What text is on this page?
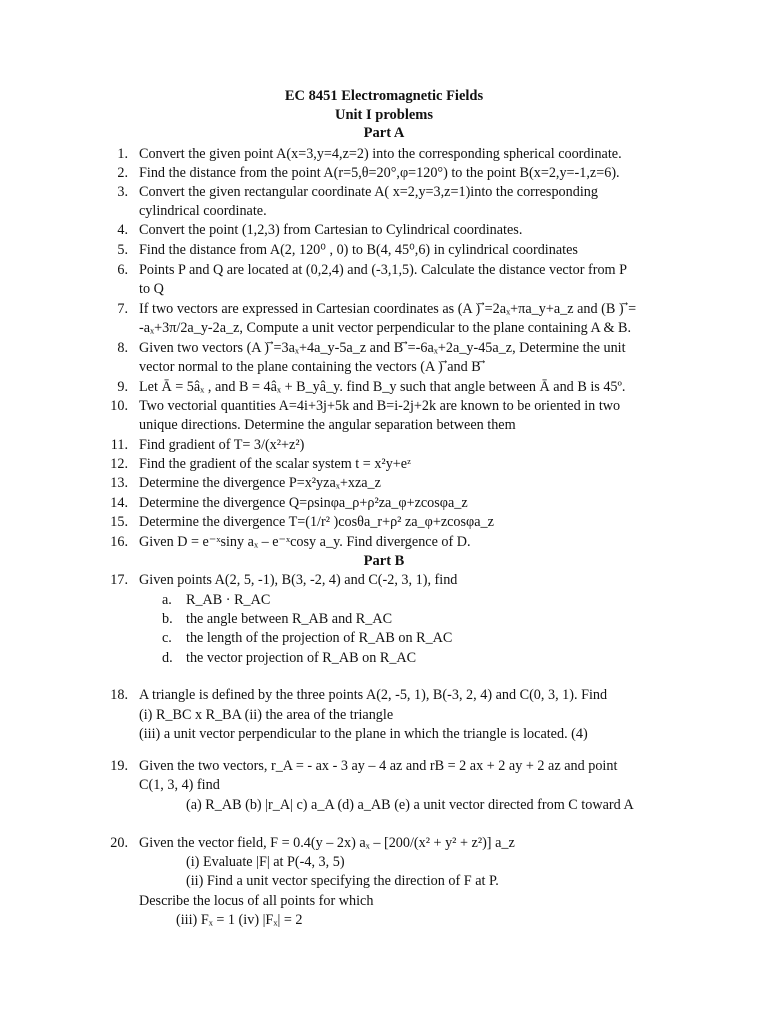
EC 8451 Electromagnetic Fields
Unit I problems
Part A
1. Convert the given point A(x=3,y=4,z=2) into the corresponding spherical coordinate.
2. Find the distance from the point A(r=5,θ=20°,φ=120°) to the point B(x=2,y=-1,z=6).
3. Convert the given rectangular coordinate A( x=2,y=3,z=1)into the corresponding
cylindrical coordinate.
4. Convert the point (1,2,3) from Cartesian to Cylindrical coordinates.
5. Find the distance from A(2, 120⁰ , 0) to B(4, 45⁰,6) in cylindrical coordinates
6. Points P and Q are located at (0,2,4) and (-3,1,5). Calculate the distance vector from P
to Q
7. If two vectors are expressed in Cartesian coordinates as (A ) ⃗=2aₓ+πa_y+a_z and (B ) ⃗=
-aₓ+3π/2a_y-2a_z, Compute a unit vector perpendicular to the plane containing A & B.
8. Given two vectors (A ) ⃗=3aₓ+4a_y-5a_z and B ⃗=-6aₓ+2a_y-45a_z, Determine the unit
vector normal to the plane containing the vectors (A ) ⃗and B ⃗
9. Let Ā = 5âₓ , and B = 4âₓ + B_yâ_y. find B_y such that angle between Ā and B is 45º.
10. Two vectorial quantities A=4i+3j+5k and B=i-2j+2k are known to be oriented in two
unique directions. Determine the angular separation between them
11. Find gradient of T= 3/(x²+z²)
12. Find the gradient of the scalar system t = x²y+eᶻ
13. Determine the divergence P=x²yzaₓ+xza_z
14. Determine the divergence Q=ρsinφa_ρ+ρ²za_φ+zcosφa_z
15. Determine the divergence T=(1/r² )cosθa_r+ρ² za_φ+zcosφa_z
16. Given D = e⁻ˣsiny aₓ – e⁻ˣcosy a_y. Find divergence of D.
Part B
17. Given points A(2, 5, -1), B(3, -2, 4) and C(-2, 3, 1), find
a. R_AB · R_AC
b. the angle between R_AB and R_AC
c. the length of the projection of R_AB on R_AC
d. the vector projection of R_AB on R_AC
18. A triangle is defined by the three points A(2, -5, 1), B(-3, 2, 4) and C(0, 3, 1). Find
(i) R_BC x R_BA (ii) the area of the triangle
(iii) a unit vector perpendicular to the plane in which the triangle is located. (4)
19. Given the two vectors, r_A = - ax - 3 ay – 4 az and rB = 2 ax + 2 ay + 2 az and point
C(1, 3, 4) find
(a) R_AB (b) |r_A| c) a_A (d) a_AB (e) a unit vector directed from C toward A
20. Given the vector field, F = 0.4(y – 2x) aₓ – [200/(x² + y² + z²)] a_z
(i) Evaluate |F| at P(-4, 3, 5)
(ii) Find a unit vector specifying the direction of F at P.
Describe the locus of all points for which
(iii) Fₓ = 1 (iv) |Fₓ| = 2
